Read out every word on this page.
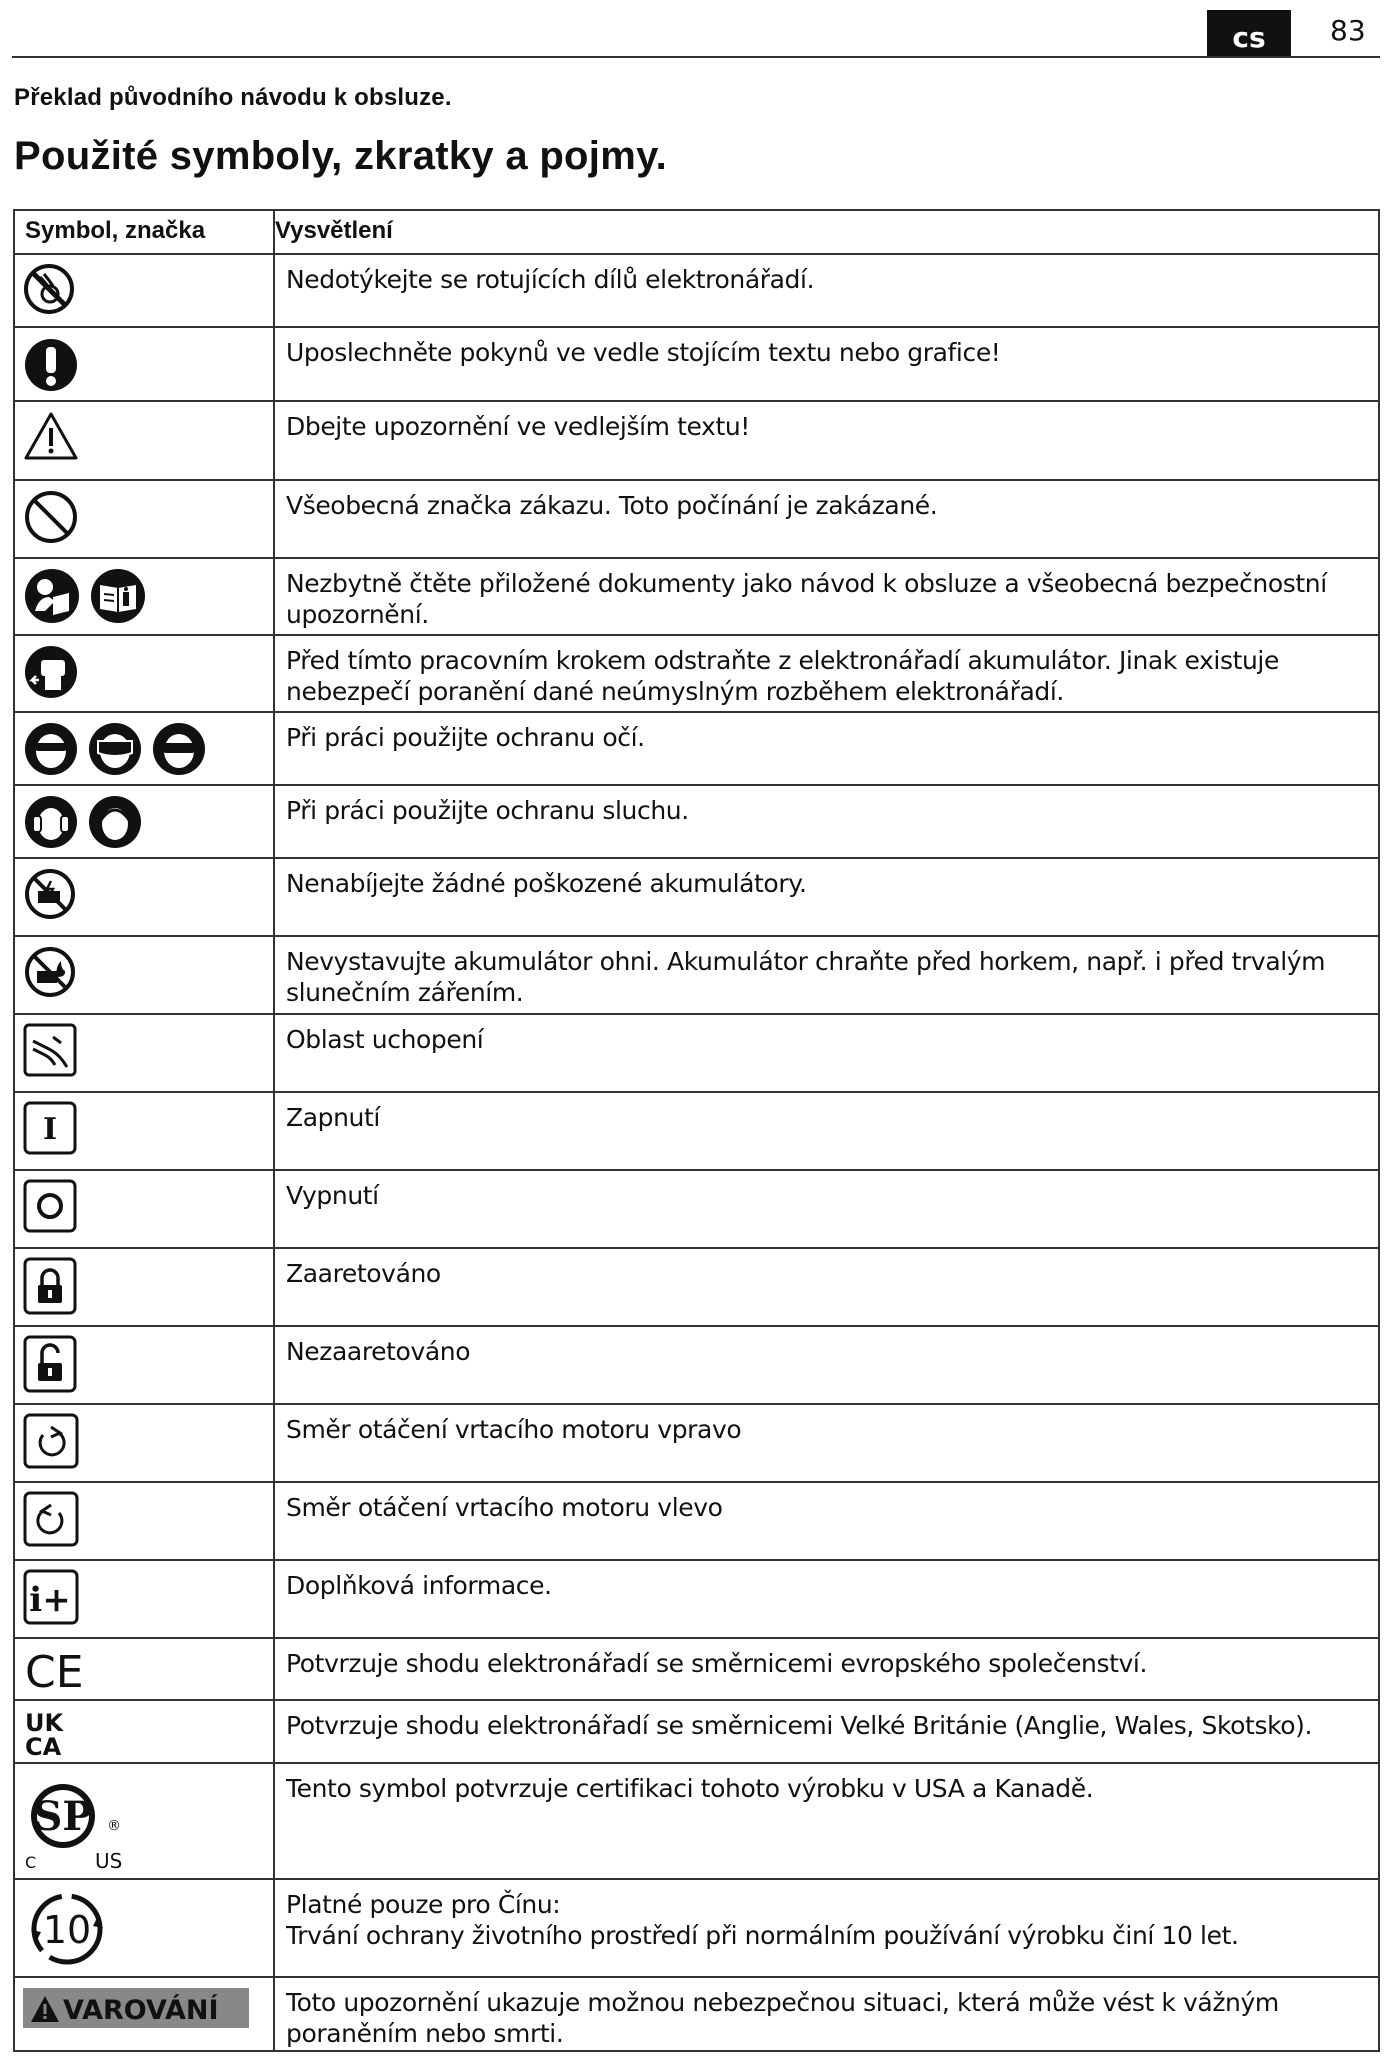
cs	83
Překlad původního návodu k obsluze.
Použité symboly, zkratky a pojmy.
Symbol, značka	Vysvětlení

	Nedotýkejte se rotujících dílů elektronářadí.

	Uposlechněte pokynů ve vedle stojícím textu nebo grafice!

	Dbejte upozornění ve vedlejším textu!

	Všeobecná značka zákazu. Toto počínání je zakázané.

	Nezbytně čtěte přiložené dokumenty jako návod k obsluze a všeobecná bezpečnostní upozornění.

	Před tímto pracovním krokem odstraňte z elektronářadí akumulátor. Jinak existuje nebezpečí poranění dané neúmyslným rozběhem elektronářadí.

	Při práci použijte ochranu očí.

	Při práci použijte ochranu sluchu.

	Nenabíjejte žádné poškozené akumulátory.

	Nevystavujte akumulátor ohni. Akumulátor chraňte před horkem, např. i před trvalým slunečním zářením.

	Oblast uchopení

I	Zapnutí

	Vypnutí

	Zaaretováno

	Nezaaretováno

	Směr otáčení vrtacího motoru vpravo

	Směr otáčení vrtacího motoru vlevo

i+	Doplňková informace.

CE	Potvrzuje shodu elektronářadí se směrnicemi evropského společenství.

UK
CA	Potvrzuje shodu elektronářadí se směrnicemi Velké Británie (Anglie, Wales, Skotsko).

SP ®
C US	Tento symbol potvrzuje certifikaci tohoto výrobku v USA a Kanadě.

10	Platné pouze pro Čínu:
Trvání ochrany životního prostředí při normálním používání výrobku činí 10 let.

VAROVÁNÍ	Toto upozornění ukazuje možnou nebezpečnou situaci, která může vést k vážným poraněním nebo smrti.
